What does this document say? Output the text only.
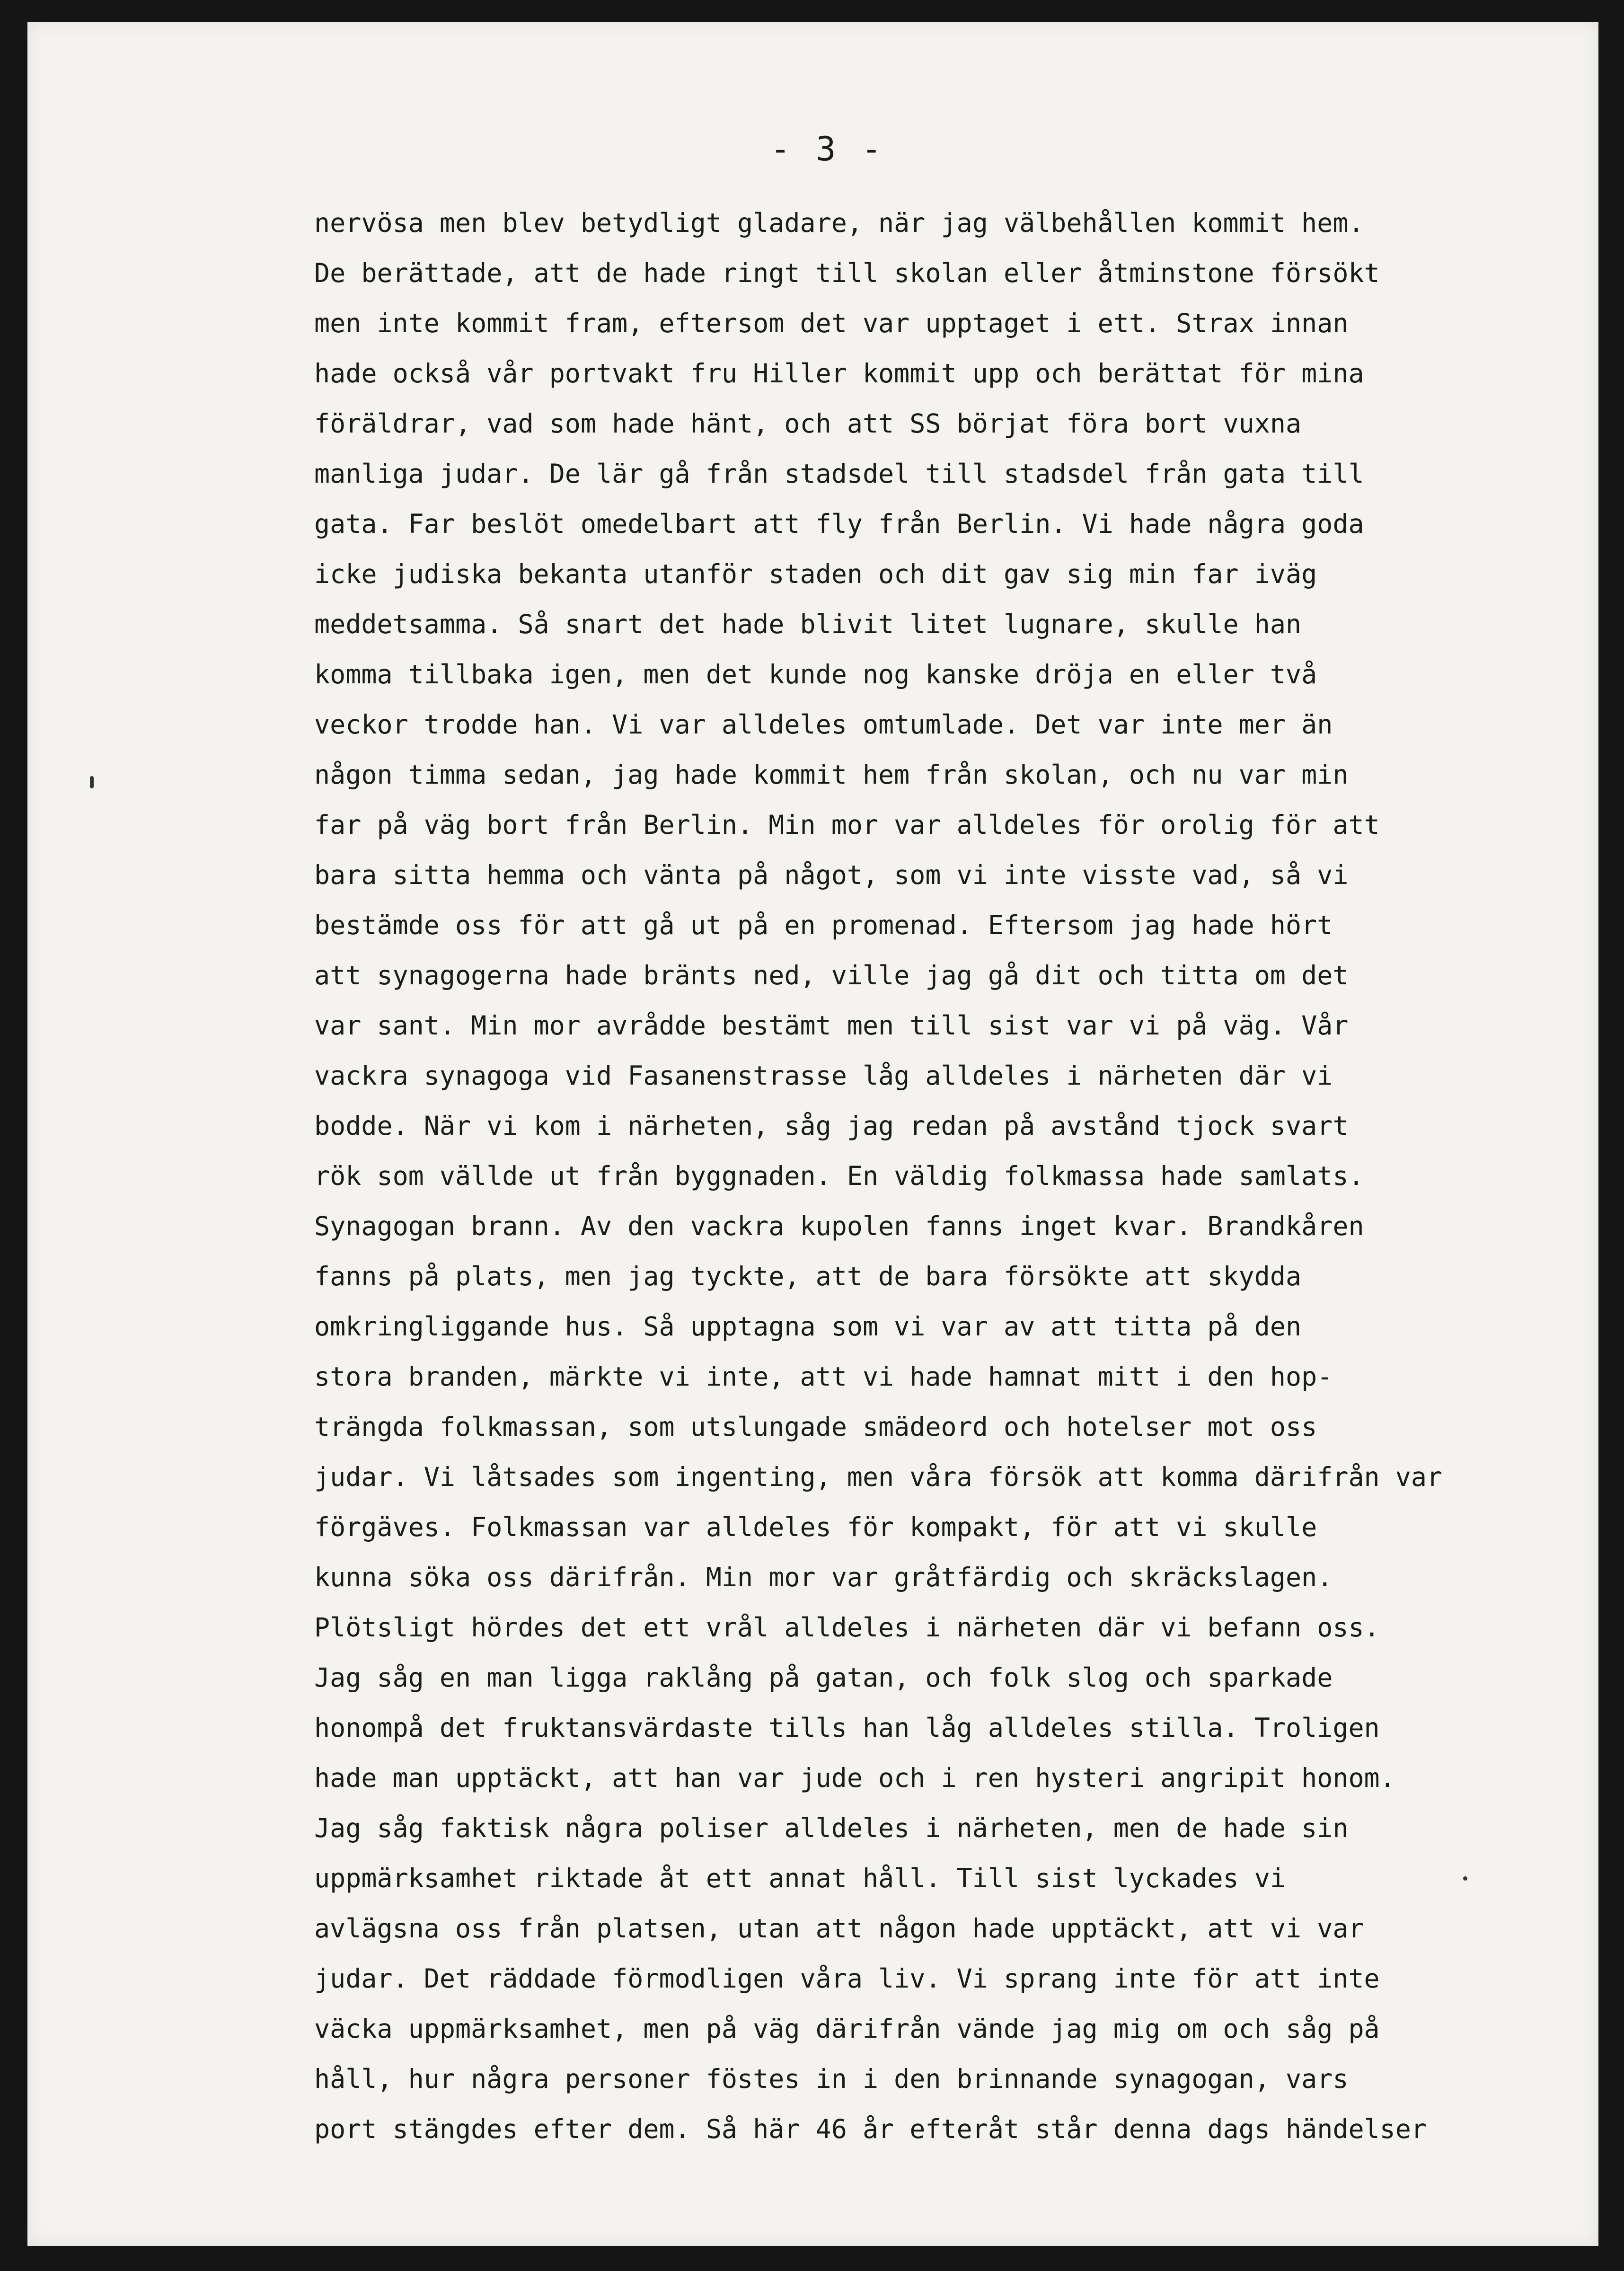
- 3 -
nervösa men blev betydligt gladare, när jag välbehållen kommit hem.
De berättade, att de hade ringt till skolan eller åtminstone försökt
men inte kommit fram, eftersom det var upptaget i ett. Strax innan
hade också vår portvakt fru Hiller kommit upp och berättat för mina
föräldrar, vad som hade hänt, och att SS börjat föra bort vuxna
manliga judar. De lär gå från stadsdel till stadsdel från gata till
gata. Far beslöt omedelbart att fly från Berlin. Vi hade några goda
icke judiska bekanta utanför staden och dit gav sig min far iväg
meddetsamma. Så snart det hade blivit litet lugnare, skulle han
komma tillbaka igen, men det kunde nog kanske dröja en eller två
veckor trodde han. Vi var alldeles omtumlade. Det var inte mer än
någon timma sedan, jag hade kommit hem från skolan, och nu var min
far på väg bort från Berlin. Min mor var alldeles för orolig för att
bara sitta hemma och vänta på något, som vi inte visste vad, så vi
bestämde oss för att gå ut på en promenad. Eftersom jag hade hört
att synagogerna hade bränts ned, ville jag gå dit och titta om det
var sant. Min mor avrådde bestämt men till sist var vi på väg. Vår
vackra synagoga vid Fasanenstrasse låg alldeles i närheten där vi
bodde. När vi kom i närheten, såg jag redan på avstånd tjock svart
rök som vällde ut från byggnaden. En väldig folkmassa hade samlats.
Synagogan brann. Av den vackra kupolen fanns inget kvar. Brandkåren
fanns på plats, men jag tyckte, att de bara försökte att skydda
omkringliggande hus. Så upptagna som vi var av att titta på den
stora branden, märkte vi inte, att vi hade hamnat mitt i den hop-
trängda folkmassan, som utslungade smädeord och hotelser mot oss
judar. Vi låtsades som ingenting, men våra försök att komma därifrån var
förgäves. Folkmassan var alldeles för kompakt, för att vi skulle
kunna söka oss därifrån. Min mor var gråtfärdig och skräckslagen.
Plötsligt hördes det ett vrål alldeles i närheten där vi befann oss.
Jag såg en man ligga raklång på gatan, och folk slog och sparkade
honompå det fruktansvärdaste tills han låg alldeles stilla. Troligen
hade man upptäckt, att han var jude och i ren hysteri angripit honom.
Jag såg faktisk några poliser alldeles i närheten, men de hade sin
uppmärksamhet riktade åt ett annat håll. Till sist lyckades vi
avlägsna oss från platsen, utan att någon hade upptäckt, att vi var
judar. Det räddade förmodligen våra liv. Vi sprang inte för att inte
väcka uppmärksamhet, men på väg därifrån vände jag mig om och såg på
håll, hur några personer föstes in i den brinnande synagogan, vars
port stängdes efter dem. Så här 46 år efteråt står denna dags händelser
